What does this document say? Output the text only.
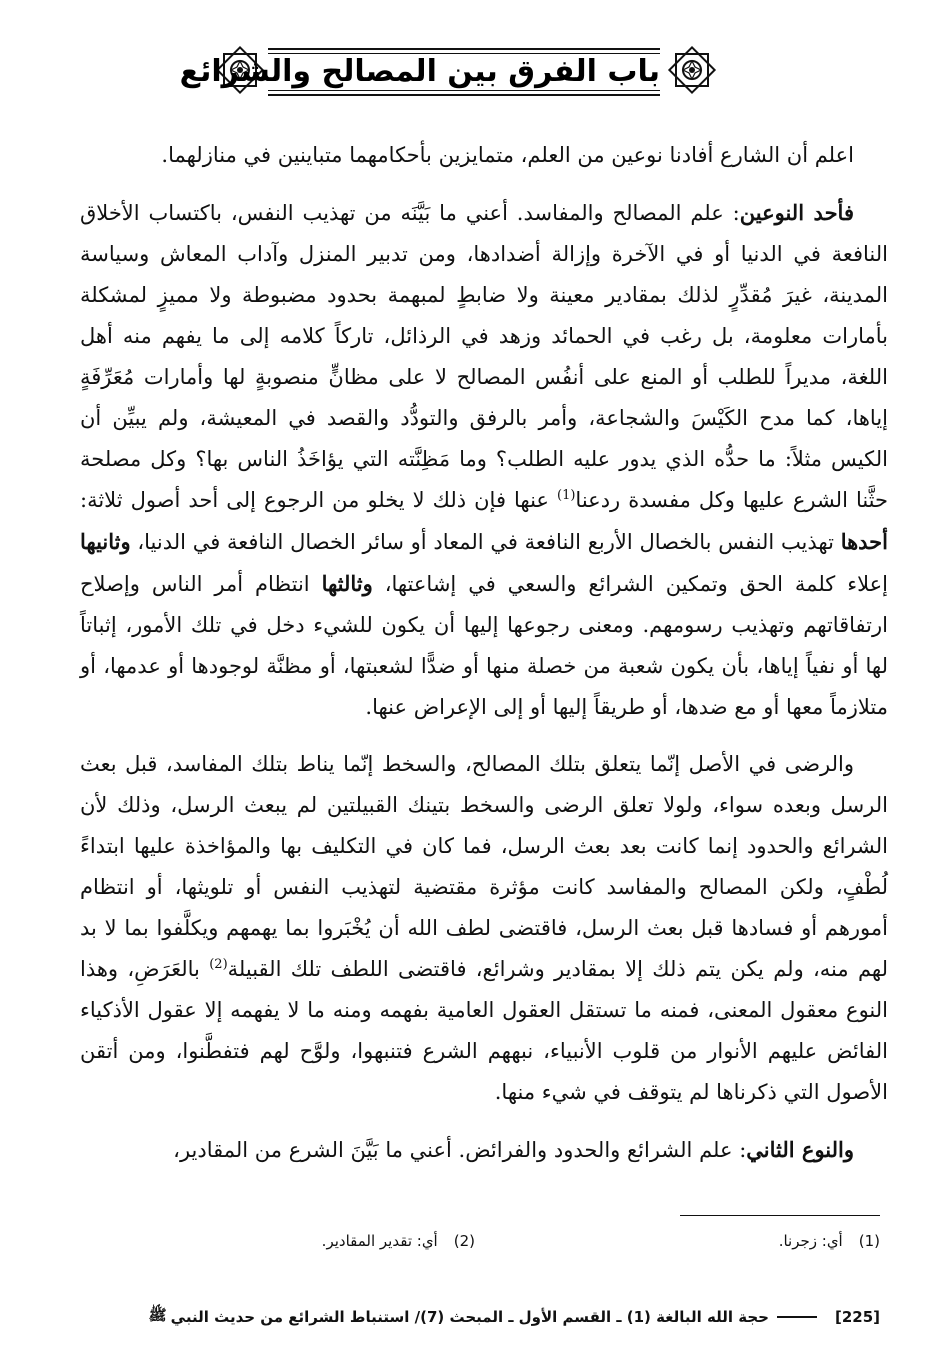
باب الفرق بين المصالح والشرائع

اعلم أن الشارع أفادنا نوعين من العلم، متمايزين بأحكامهما متباينين في منازلهما.

فأحد النوعين: علم المصالح والمفاسد. أعني ما بَيَّنَه من تهذيب النفس، باكتساب الأخلاق النافعة في الدنيا أو في الآخرة وإزالة أضدادها، ومن تدبير المنزل وآداب المعاش وسياسة المدينة، غيرَ مُقدِّرٍ لذلك بمقادير معينة ولا ضابطٍ لمبهمة بحدود مضبوطة ولا مميزٍ لمشكلة بأمارات معلومة، بل رغب في الحمائد وزهد في الرذائل، تاركاً كلامه إلى ما يفهم منه أهل اللغة، مديراً للطلب أو المنع على أنفُس المصالح لا على مظانٍّ منصوبةٍ لها وأمارات مُعَرِّفَةٍ إياها، كما مدح الكَيْسَ والشجاعة، وأمر بالرفق والتودُّد والقصد في المعيشة، ولم يبيِّن أن الكيس مثلاً: ما حدُّه الذي يدور عليه الطلب؟ وما مَظِنَّته التي يؤاخَذُ الناس بها؟ وكل مصلحة حثَّنا الشرع عليها وكل مفسدة ردعنا$^{(1)}$ عنها فإن ذلك لا يخلو من الرجوع إلى أحد أصول ثلاثة: أحدها تهذيب النفس بالخصال الأربع النافعة في المعاد أو سائر الخصال النافعة في الدنيا، وثانيها إعلاء كلمة الحق وتمكين الشرائع والسعي في إشاعتها، وثالثها انتظام أمر الناس وإصلاح ارتفاقاتهم وتهذيب رسومهم. ومعنى رجوعها إليها أن يكون للشيء دخل في تلك الأمور، إثباتاً لها أو نفياً إياها، بأن يكون شعبة من خصلة منها أو ضدًّا لشعبتها، أو مظنَّة لوجودها أو عدمها، أو متلازماً معها أو مع ضدها، أو طريقاً إليها أو إلى الإعراض عنها.

والرضى في الأصل إنّما يتعلق بتلك المصالح، والسخط إنّما يناط بتلك المفاسد، قبل بعث الرسل وبعده سواء، ولولا تعلق الرضى والسخط بتينك القبيلتين لم يبعث الرسل، وذلك لأن الشرائع والحدود إنما كانت بعد بعث الرسل، فما كان في التكليف بها والمؤاخذة عليها ابتداءً لُطْفٍ، ولكن المصالح والمفاسد كانت مؤثرة مقتضية لتهذيب النفس أو تلويثها، أو انتظام أمورهم أو فسادها قبل بعث الرسل، فاقتضى لطف الله أن يُخْبَروا بما يهمهم ويكلَّفوا بما لا بد لهم منه، ولم يكن يتم ذلك إلا بمقادير وشرائع، فاقتضى اللطف تلك القبيلة$^{(2)}$ بالعَرَضِ، وهذا النوع معقول المعنى، فمنه ما تستقل العقول العامية بفهمه ومنه ما لا يفهمه إلا عقول الأذكياء الفائض عليهم الأنوار من قلوب الأنبياء، نبههم الشرع فتنبهوا، ولوَّح لهم فتفطَّنوا، ومن أتقن الأصول التي ذكرناها لم يتوقف في شيء منها.

والنوع الثاني: علم الشرائع والحدود والفرائض. أعني ما بَيَّنَ الشرع من المقادير،

(1)
أي: زجرنا.
(2)
أي: تقدير المقادير.
[225]
حجة الله البالغة (1) ـ القسم الأول ـ المبحث (7)/ استنباط الشرائع من حديث النبي
ﷺ
